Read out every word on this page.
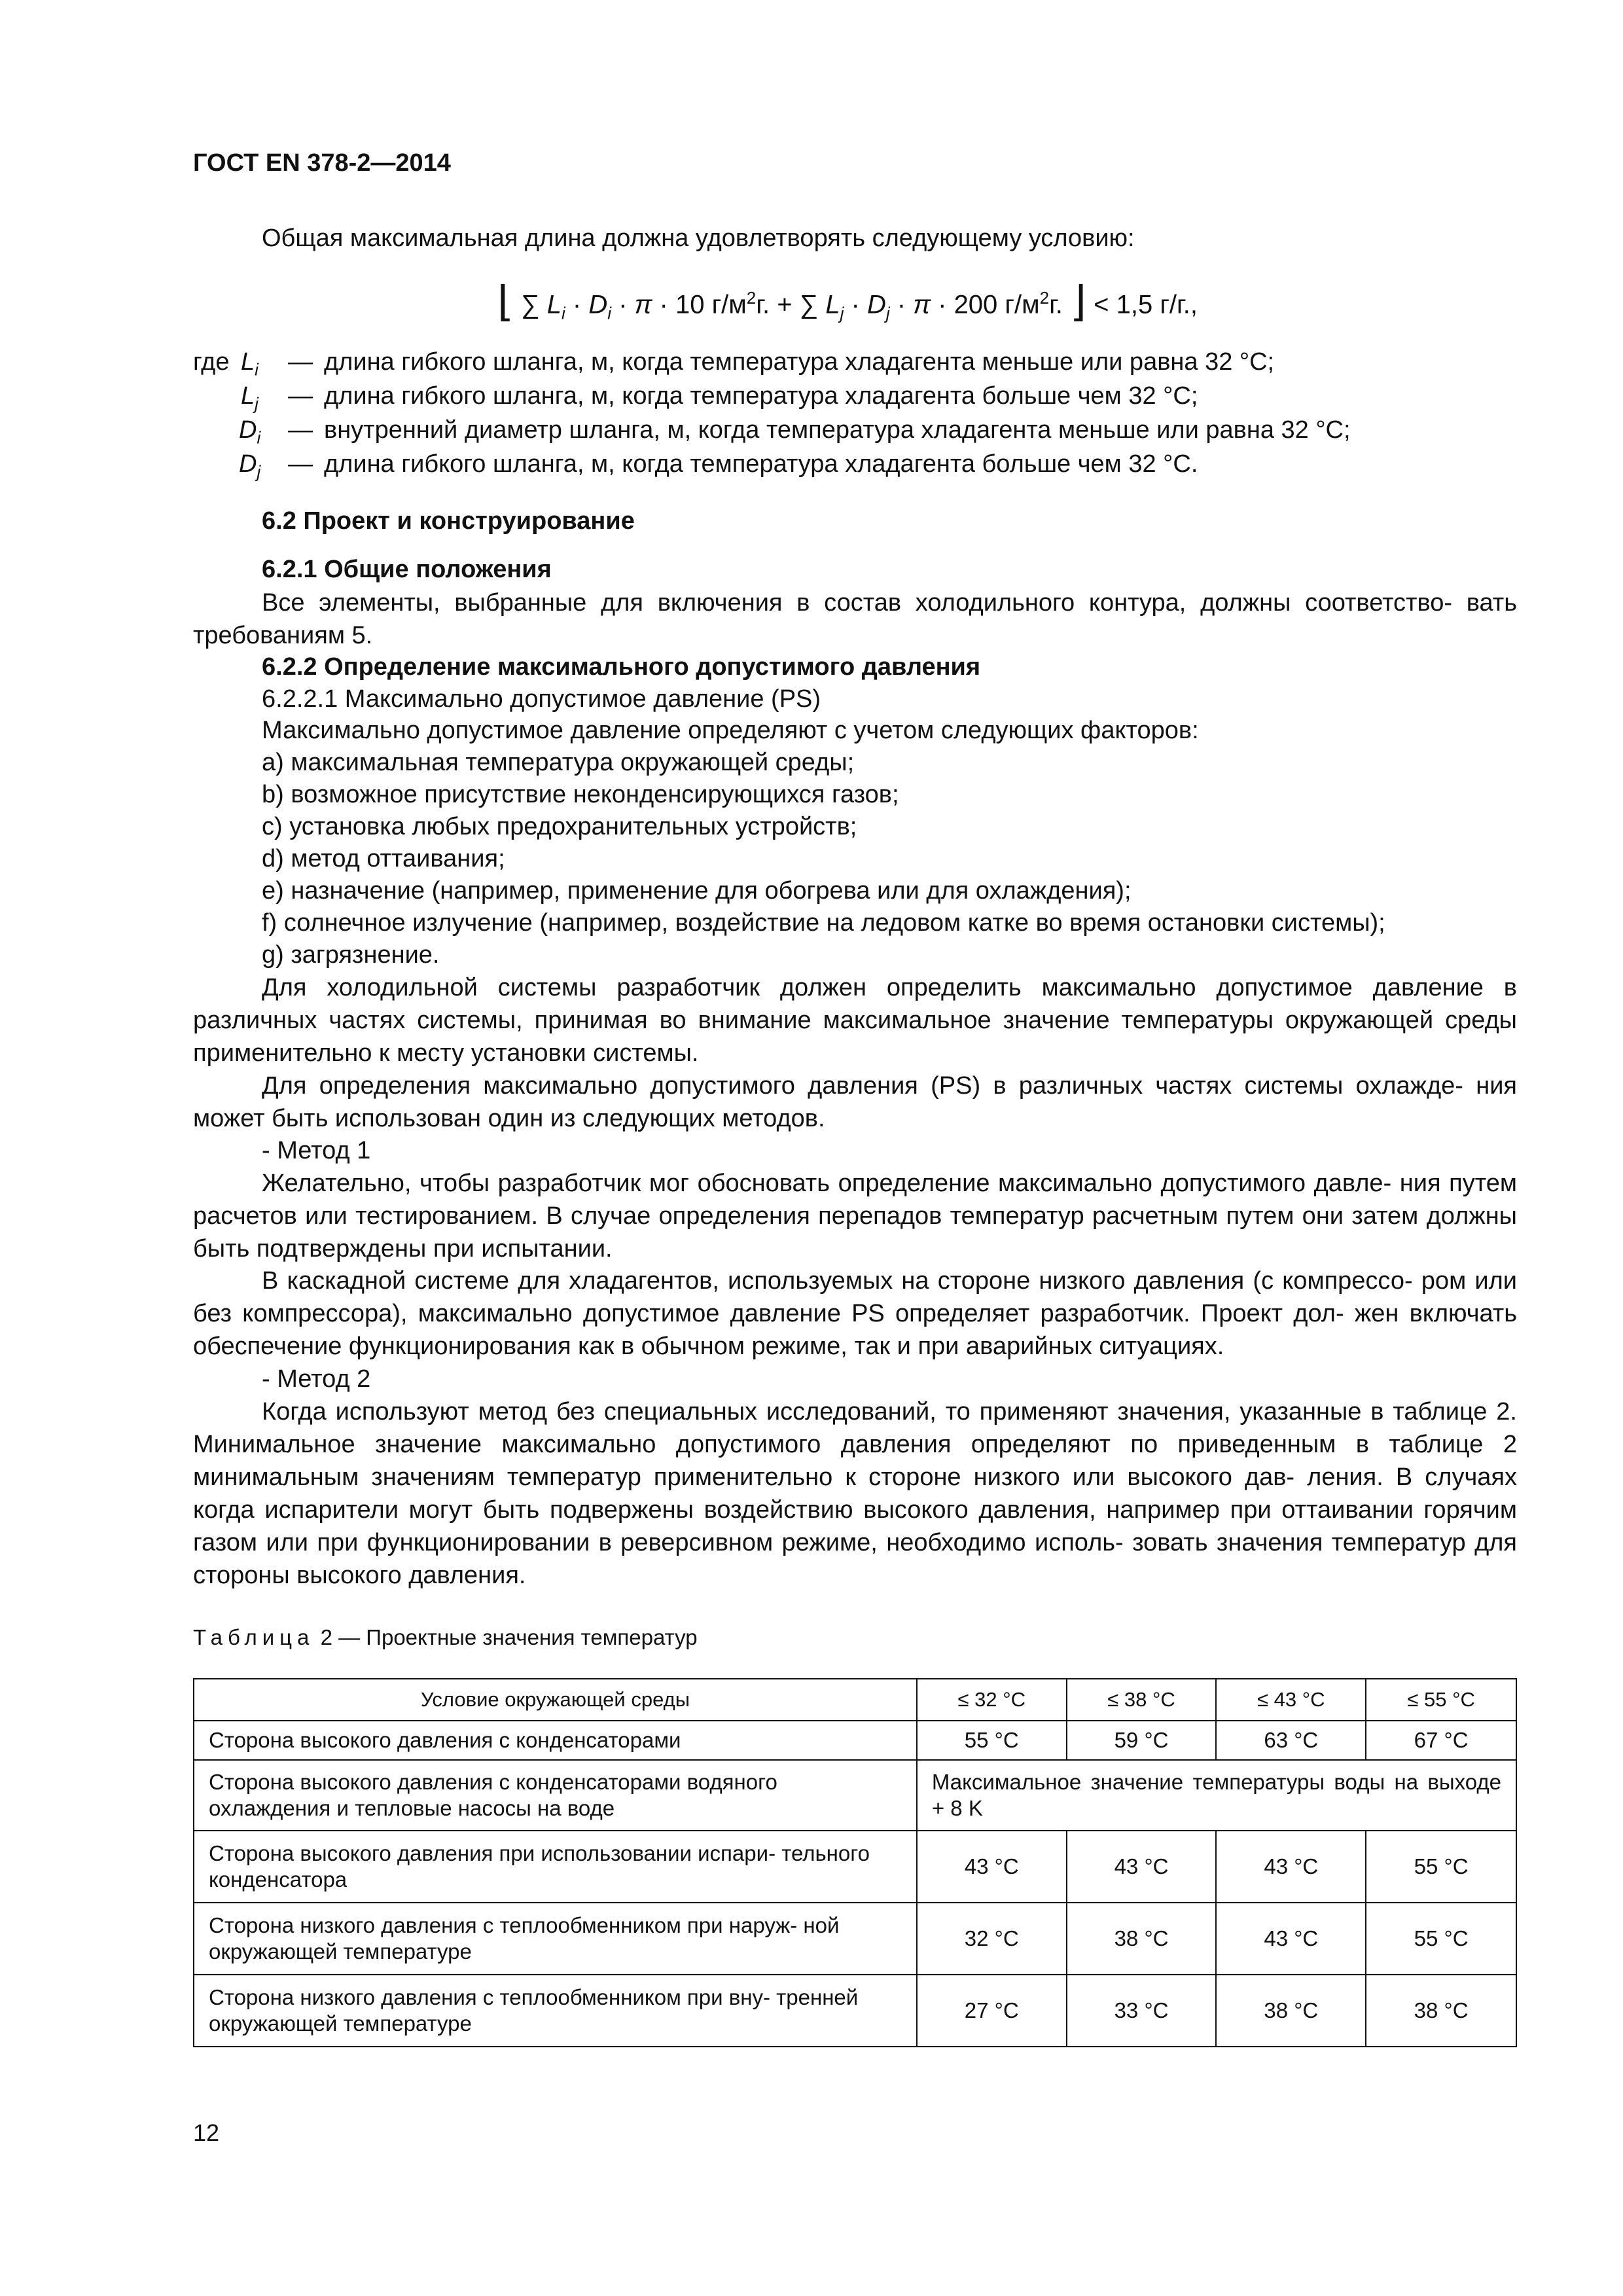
ГОСТ EN 378-2—2014
Общая максимальная длина должна удовлетворять следующему условию:
⌊ ∑ $L_i \cdot D_i \cdot \pi \cdot 10$ $г/м^2г$. + ∑ $L_j \cdot D_j \cdot \pi \cdot 200$ $г/м^2г$. ⌋ < 1,5 г/г.,
где $L_i$ — длина гибкого шланга, м, когда температура хладагента меньше или равна 32 °С;
$L_j$ — длина гибкого шланга, м, когда температура хладагента больше чем 32 °С;
$D_i$ — внутренний диаметр шланга, м, когда температура хладагента меньше или равна 32 °С;
$D_j$ — длина гибкого шланга, м, когда температура хладагента больше чем 32 °С.
6.2 Проект и конструирование
6.2.1 Общие положения
Все элементы, выбранные для включения в состав холодильного контура, должны соответство- вать требованиям 5.
6.2.2 Определение максимального допустимого давления
6.2.2.1 Максимально допустимое давление (PS)
Максимально допустимое давление определяют с учетом следующих факторов:
a) максимальная температура окружающей среды;
b) возможное присутствие неконденсирующихся газов;
c) установка любых предохранительных устройств;
d) метод оттаивания;
e) назначение (например, применение для обогрева или для охлаждения);
f) солнечное излучение (например, воздействие на ледовом катке во время остановки системы);
g) загрязнение.
Для холодильной системы разработчик должен определить максимально допустимое давление в различных частях системы, принимая во внимание максимальное значение температуры окружающей среды применительно к месту установки системы.
Для определения максимально допустимого давления (PS) в различных частях системы охлажде- ния может быть использован один из следующих методов.
- Метод 1
Желательно, чтобы разработчик мог обосновать определение максимально допустимого давле- ния путем расчетов или тестированием. В случае определения перепадов температур расчетным путем они затем должны быть подтверждены при испытании.
В каскадной системе для хладагентов, используемых на стороне низкого давления (с компрессо- ром или без компрессора), максимально допустимое давление PS определяет разработчик. Проект дол- жен включать обеспечение функционирования как в обычном режиме, так и при аварийных ситуациях.
- Метод 2
Когда используют метод без специальных исследований, то применяют значения, указанные в таблице 2. Минимальное значение максимально допустимого давления определяют по приведенным в таблице 2 минимальным значениям температур применительно к стороне низкого или высокого дав- ления. В случаях когда испарители могут быть подвержены воздействию высокого давления, например при оттаивании горячим газом или при функционировании в реверсивном режиме, необходимо исполь- зовать значения температур для стороны высокого давления.
Таблица 2 — Проектные значения температур
Условие окружающей среды	≤ 32 °С	≤ 38 °С	≤ 43 °С	≤ 55 °С
Сторона высокого давления с конденсаторами	55 °С	59 °С	63 °С	67 °С
Сторона высокого давления с конденсаторами водяного охлаждения и тепловые насосы на воде	Максимальное значение температуры воды на выходе + 8 K			
Сторона высокого давления при использовании испари- тельного конденсатора	43 °С	43 °С	43 °С	55 °С
Сторона низкого давления с теплообменником при наруж- ной окружающей температуре	32 °С	38 °С	43 °С	55 °С
Сторона низкого давления с теплообменником при вну- тренней окружающей температуре	27 °С	33 °С	38 °С	38 °С
12
